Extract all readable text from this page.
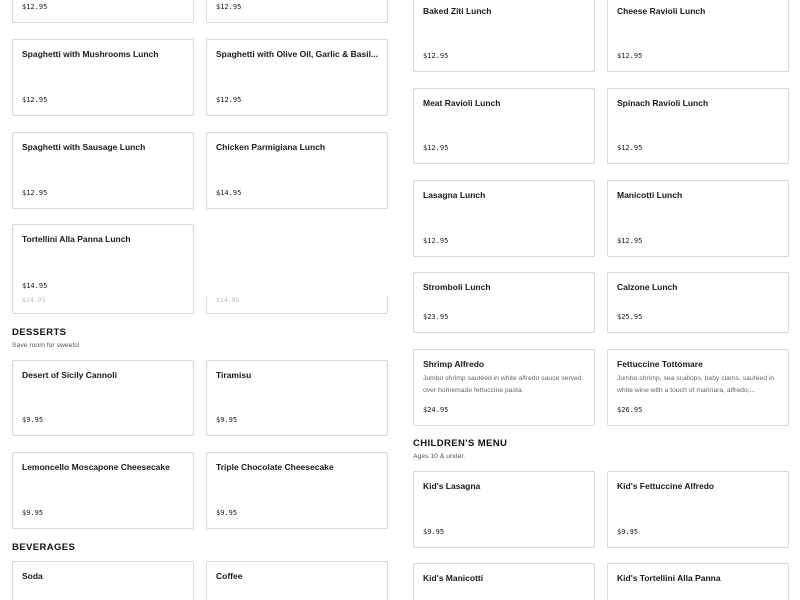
$12.95	$12.95
Spaghetti with Mushrooms Lunch
$12.95
Spaghetti with Olive Oil, Garlic & Basil...
$12.95
Spaghetti with Sausage Lunch
$12.95
Chicken Parmigiana Lunch
$14.95
$14.95
Tortellini Alla Panna Lunch
$14.95
$14.95
DESSERTS
Save room for sweets!
Desert of Sicily Cannoli
$9.95
Tiramisu
$9.95
Lemoncello Moscapone Cheesecake
$9.95
Triple Chocolate Cheesecake
$9.95
BEVERAGES
Soda	Coffee
Baked Ziti Lunch
$12.95
Cheese Ravioli Lunch
$12.95
Meat Ravioli Lunch
$12.95
Spinach Ravioli Lunch
$12.95
Lasagna Lunch
$12.95
Manicotti Lunch
$12.95
Stromboli Lunch
$23.95
Calzone Lunch
$25.95
Shrimp Alfredo
Jumbo shrimp sautéed in white alfredo sauce served over homemade fettuccine pasta.
$24.95
Fettuccine Tottomare
Jumbo shrimp, sea scallops, baby clams, sautéed in white wine with a touch of marinara, alfredo,...
$26.95
CHILDREN'S MENU
Ages 10 & under.
Kid's Lasagna
$9.95
Kid's Fettuccine Alfredo
$9.95
Kid's Manicotti	Kid's Tortellini Alla Panna
